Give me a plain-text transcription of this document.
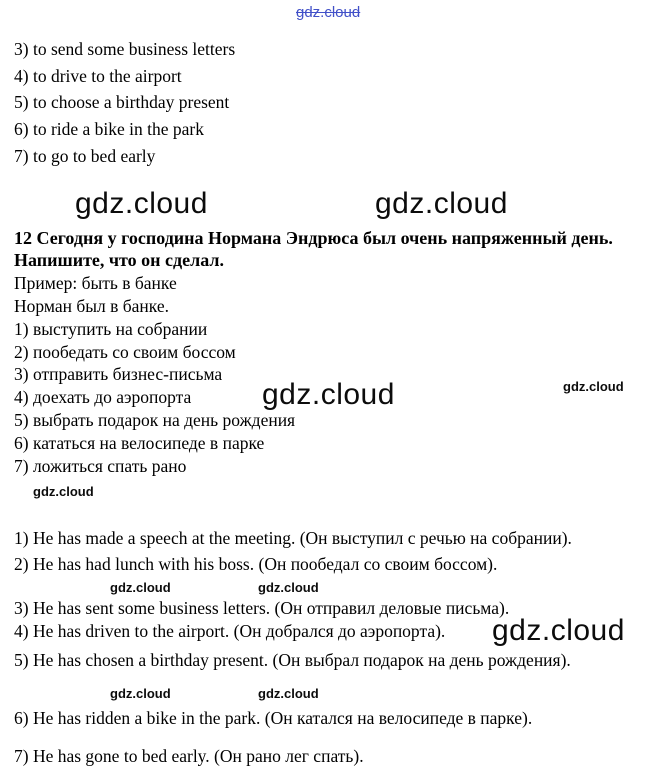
gdz.cloud
3) to send some business letters
4) to drive to the airport
5) to choose a birthday present
6) to ride a bike in the park
7) to go to bed early
gdz.cloud	gdz.cloud
12 Сегодня у господина Нормана Эндрюса был очень напряженный день. Напишите, что он сделал.
Пример: быть в банке
Норман был в банке.
1) выступить на собрании
2) пообедать со своим боссом
3) отправить бизнес-письма
4) доехать до аэропорта
5) выбрать подарок на день рождения
6) кататься на велосипеде в парке
7) ложиться спать рано
gdz.cloud	gdz.cloud
gdz.cloud
1) He has made a speech at the meeting. (Он выступил с речью на собрании).
2) He has had lunch with his boss. (Он пообедал со своим боссом).
3) He has sent some business letters. (Он отправил деловые письма).
4) He has driven to the airport. (Он добрался до аэропорта).
5) He has chosen a birthday present. (Он выбрал подарок на день рождения).
6) He has ridden a bike in the park. (Он катался на велосипеде в парке).
7) He has gone to bed early. (Он рано лег спать).
gdz.cloud	gdz.cloud
gdz.cloud
gdz.cloud	gdz.cloud
